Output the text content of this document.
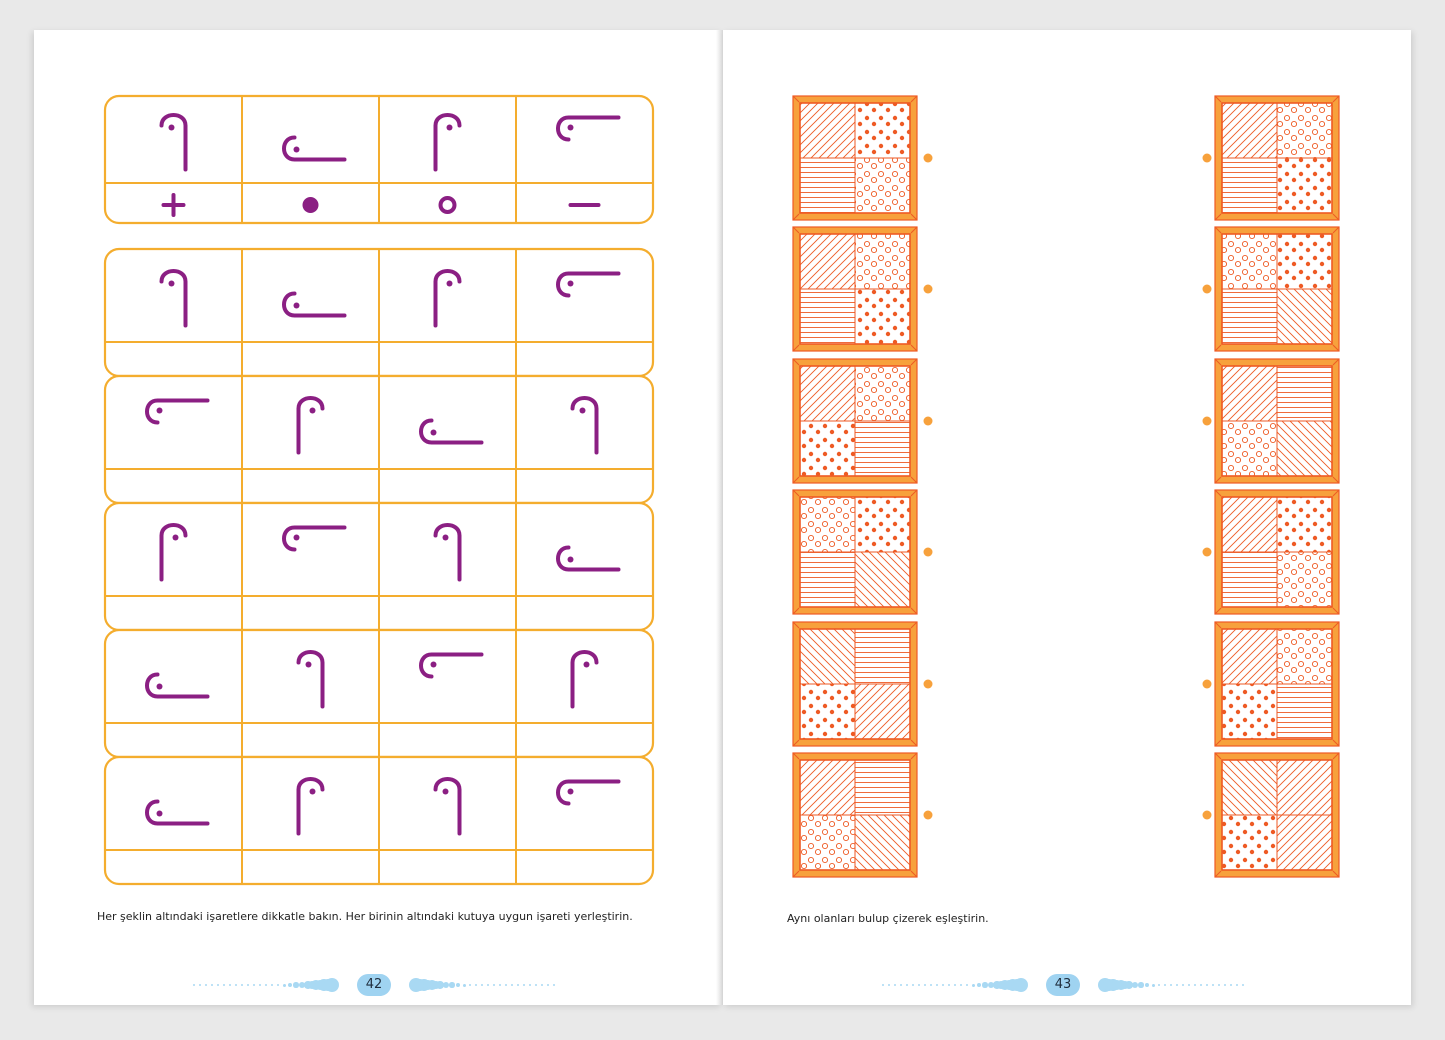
Her şeklin altındaki işaretlere dikkatle bakın. Her birinin altındaki kutuya uygun işareti yerleştirin.
42
Aynı olanları bulup çizerek eşleştirin.
43
